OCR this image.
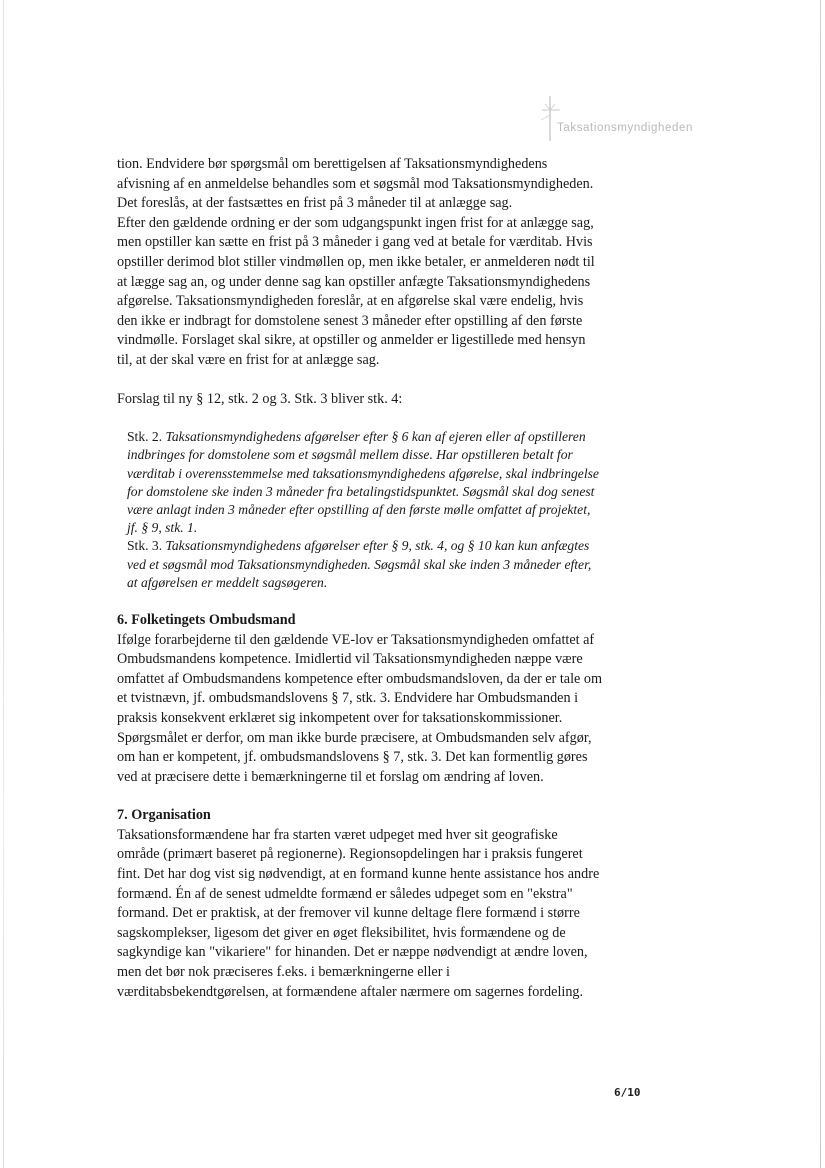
Taksationsmyndigheden

tion. Endvidere bør spørgsmål om berettigelsen af Taksationsmyndighedens afvisning af en anmeldelse behandles som et søgsmål mod Taksationsmyndigheden. Det foreslås, at der fastsættes en frist på 3 måneder til at anlægge sag.

Efter den gældende ordning er der som udgangspunkt ingen frist for at anlægge sag, men opstiller kan sætte en frist på 3 måneder i gang ved at betale for værditab. Hvis opstiller derimod blot stiller vindmøllen op, men ikke betaler, er anmelderen nødt til at lægge sag an, og under denne sag kan opstiller anfægte Taksationsmyndighedens afgørelse. Taksationsmyndigheden foreslår, at en afgørelse skal være endelig, hvis den ikke er indbragt for domstolene senest 3 måneder efter opstilling af den første vindmølle. Forslaget skal sikre, at opstiller og anmelder er ligestillede med hensyn til, at der skal være en frist for at anlægge sag.

Forslag til ny § 12, stk. 2 og 3. Stk. 3 bliver stk. 4:

Stk. 2. Taksationsmyndighedens afgørelser efter § 6 kan af ejeren eller af opstilleren indbringes for domstolene som et søgsmål mellem disse. Har opstilleren betalt for værditab i overensstemmelse med taksationsmyndighedens afgørelse, skal indbringelse for domstolene ske inden 3 måneder fra betalingstidspunktet. Søgsmål skal dog senest være anlagt inden 3 måneder efter opstilling af den første mølle omfattet af projektet, jf. § 9, stk. 1.

Stk. 3. Taksationsmyndighedens afgørelser efter § 9, stk. 4, og § 10 kan kun anfægtes ved et søgsmål mod Taksationsmyndigheden. Søgsmål skal ske inden 3 måneder efter, at afgørelsen er meddelt sagsøgeren.

6. Folketingets Ombudsmand

Ifølge forarbejderne til den gældende VE-lov er Taksationsmyndigheden omfattet af Ombudsmandens kompetence. Imidlertid vil Taksationsmyndigheden næppe være omfattet af Ombudsmandens kompetence efter ombudsmandsloven, da der er tale om et tvistnævn, jf. ombudsmandslovens § 7, stk. 3. Endvidere har Ombudsmanden i praksis konsekvent erklæret sig inkompetent over for taksationskommissioner. Spørgsmålet er derfor, om man ikke burde præcisere, at Ombudsmanden selv afgør, om han er kompetent, jf. ombudsmandslovens § 7, stk. 3. Det kan formentlig gøres ved at præcisere dette i bemærkningerne til et forslag om ændring af loven.

7. Organisation

Taksationsformændene har fra starten været udpeget med hver sit geografiske område (primært baseret på regionerne). Regionsopdelingen har i praksis fungeret fint. Det har dog vist sig nødvendigt, at en formand kunne hente assistance hos andre formænd. Én af de senest udmeldte formænd er således udpeget som en "ekstra" formand. Det er praktisk, at der fremover vil kunne deltage flere formænd i større sagskomplekser, ligesom det giver en øget fleksibilitet, hvis formændene og de sagkyndige kan "vikariere" for hinanden. Det er næppe nødvendigt at ændre loven, men det bør nok præciseres f.eks. i bemærkningerne eller i værditabsbekendtgørelsen, at formændene aftaler nærmere om sagernes fordeling.

6/10
